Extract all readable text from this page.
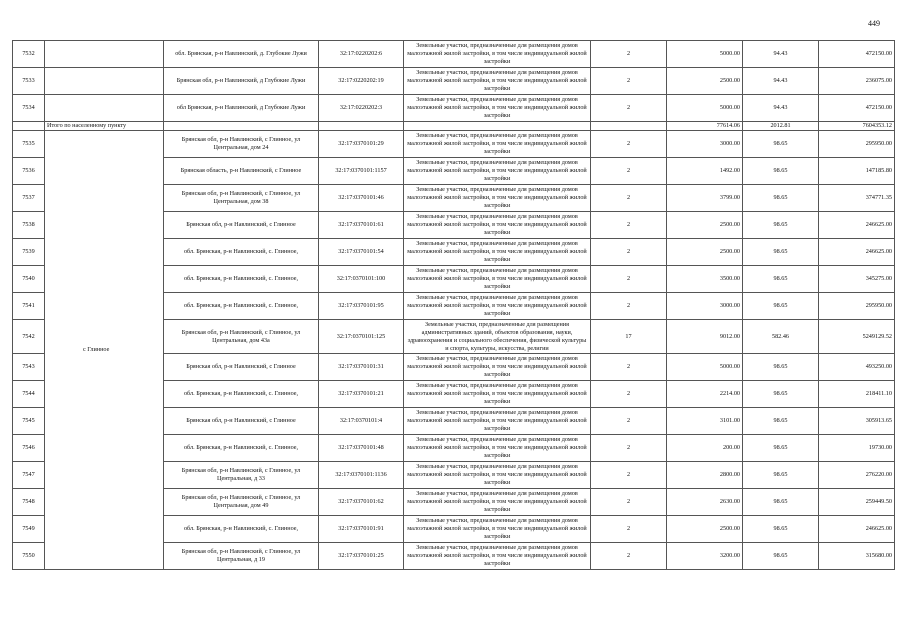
449
7532		обл. Брянская, р-н Навлинский, д. Глубокие Лужи	32:17:0220202:6	Земельные участки, предназначенные для размещения домов малоэтажной жилой застройки, в том числе индивидуальной жилой застройки	2	5000.00	94.43	472150.00
7533		Брянская обл, р-н Навлинский, д Глубокие Лужи	32:17:0220202:19	Земельные участки, предназначенные для размещения домов малоэтажной жилой застройки, в том числе индивидуальной жилой застройки	2	2500.00	94.43	236075.00
7534		обл Брянская, р-н Навлинский, д Глубокие Лужи	32:17:0220202:3	Земельные участки, предназначенные для размещения домов малоэтажной жилой застройки, в том числе индивидуальной жилой застройки	2	5000.00	94.43	472150.00
	Итого по населенному пункту					77614.06	2012.81	7604353.12
7535	с Глинное	Брянская обл, р-н Навлинский, с Глинное, ул Центральная, дом 24	32:17:0370101:29	Земельные участки, предназначенные для размещения домов малоэтажной жилой застройки, в том числе индивидуальной жилой застройки	2	3000.00	98.65	295950.00
7536		Брянская область, р-н Навлинский, с Глинное	32:17:0370101:1157	Земельные участки, предназначенные для размещения домов малоэтажной жилой застройки, в том числе индивидуальной жилой застройки	2	1492.00	98.65	147185.80
7537		Брянская обл, р-н Навлинский, с Глинное, ул Центральная, дом 38	32:17:0370101:46	Земельные участки, предназначенные для размещения домов малоэтажной жилой застройки, в том числе индивидуальной жилой застройки	2	3799.00	98.65	374771.35
7538		Брянская обл, р-н Навлинский, с Глинное	32:17:0370101:61	Земельные участки, предназначенные для размещения домов малоэтажной жилой застройки, в том числе индивидуальной жилой застройки	2	2500.00	98.65	246625.00
7539		обл. Брянская, р-н Навлинский, с. Глинное,	32:17:0370101:54	Земельные участки, предназначенные для размещения домов малоэтажной жилой застройки, в том числе индивидуальной жилой застройки	2	2500.00	98.65	246625.00
7540		обл. Брянская, р-н Навлинский, с. Глинное,	32:17:0370101:100	Земельные участки, предназначенные для размещения домов малоэтажной жилой застройки, в том числе индивидуальной жилой застройки	2	3500.00	98.65	345275.00
7541		обл. Брянская, р-н Навлинский, с. Глинное,	32:17:0370101:95	Земельные участки, предназначенные для размещения домов малоэтажной жилой застройки, в том числе индивидуальной жилой застройки	2	3000.00	98.65	295950.00
7542		Брянская обл, р-н Навлинский, с Глинное, ул Центральная, дом 43а	32:17:0370101:125	Земельные участки, предназначенные для размещения административных зданий, объектов образования, науки, здравоохранения и социального обеспечения, физической культуры и спорта, культуры, искусства, религии	17	9012.00	582.46	5249129.52
7543		Брянская обл, р-н Навлинский, с Глинное	32:17:0370101:31	Земельные участки, предназначенные для размещения домов малоэтажной жилой застройки, в том числе индивидуальной жилой застройки	2	5000.00	98.65	493250.00
7544		обл. Брянская, р-н Навлинский, с. Глинное,	32:17:0370101:21	Земельные участки, предназначенные для размещения домов малоэтажной жилой застройки, в том числе индивидуальной жилой застройки	2	2214.00	98.65	218411.10
7545		Брянская обл, р-н Навлинский, с Глинное	32:17:0370101:4	Земельные участки, предназначенные для размещения домов малоэтажной жилой застройки, в том числе индивидуальной жилой застройки	2	3101.00	98.65	305913.65
7546		обл. Брянская, р-н Навлинский, с. Глинное,	32:17:0370101:48	Земельные участки, предназначенные для размещения домов малоэтажной жилой застройки, в том числе индивидуальной жилой застройки	2	200.00	98.65	19730.00
7547		Брянская обл, р-н Навлинский, с Глинное, ул Центральная, д 33	32:17:0370101:1136	Земельные участки, предназначенные для размещения домов малоэтажной жилой застройки, в том числе индивидуальной жилой застройки	2	2800.00	98.65	276220.00
7548		Брянская обл, р-н Навлинский, с Глинное, ул Центральная, дом 49	32:17:0370101:62	Земельные участки, предназначенные для размещения домов малоэтажной жилой застройки, в том числе индивидуальной жилой застройки	2	2630.00	98.65	259449.50
7549		обл. Брянская, р-н Навлинский, с. Глинное,	32:17:0370101:91	Земельные участки, предназначенные для размещения домов малоэтажной жилой застройки, в том числе индивидуальной жилой застройки	2	2500.00	98.65	246625.00
7550		Брянская обл, р-н Навлинский, с Глинное, ул Центральная, д 19	32:17:0370101:25	Земельные участки, предназначенные для размещения домов малоэтажной жилой застройки, в том числе индивидуальной жилой застройки	2	3200.00	98.65	315680.00
